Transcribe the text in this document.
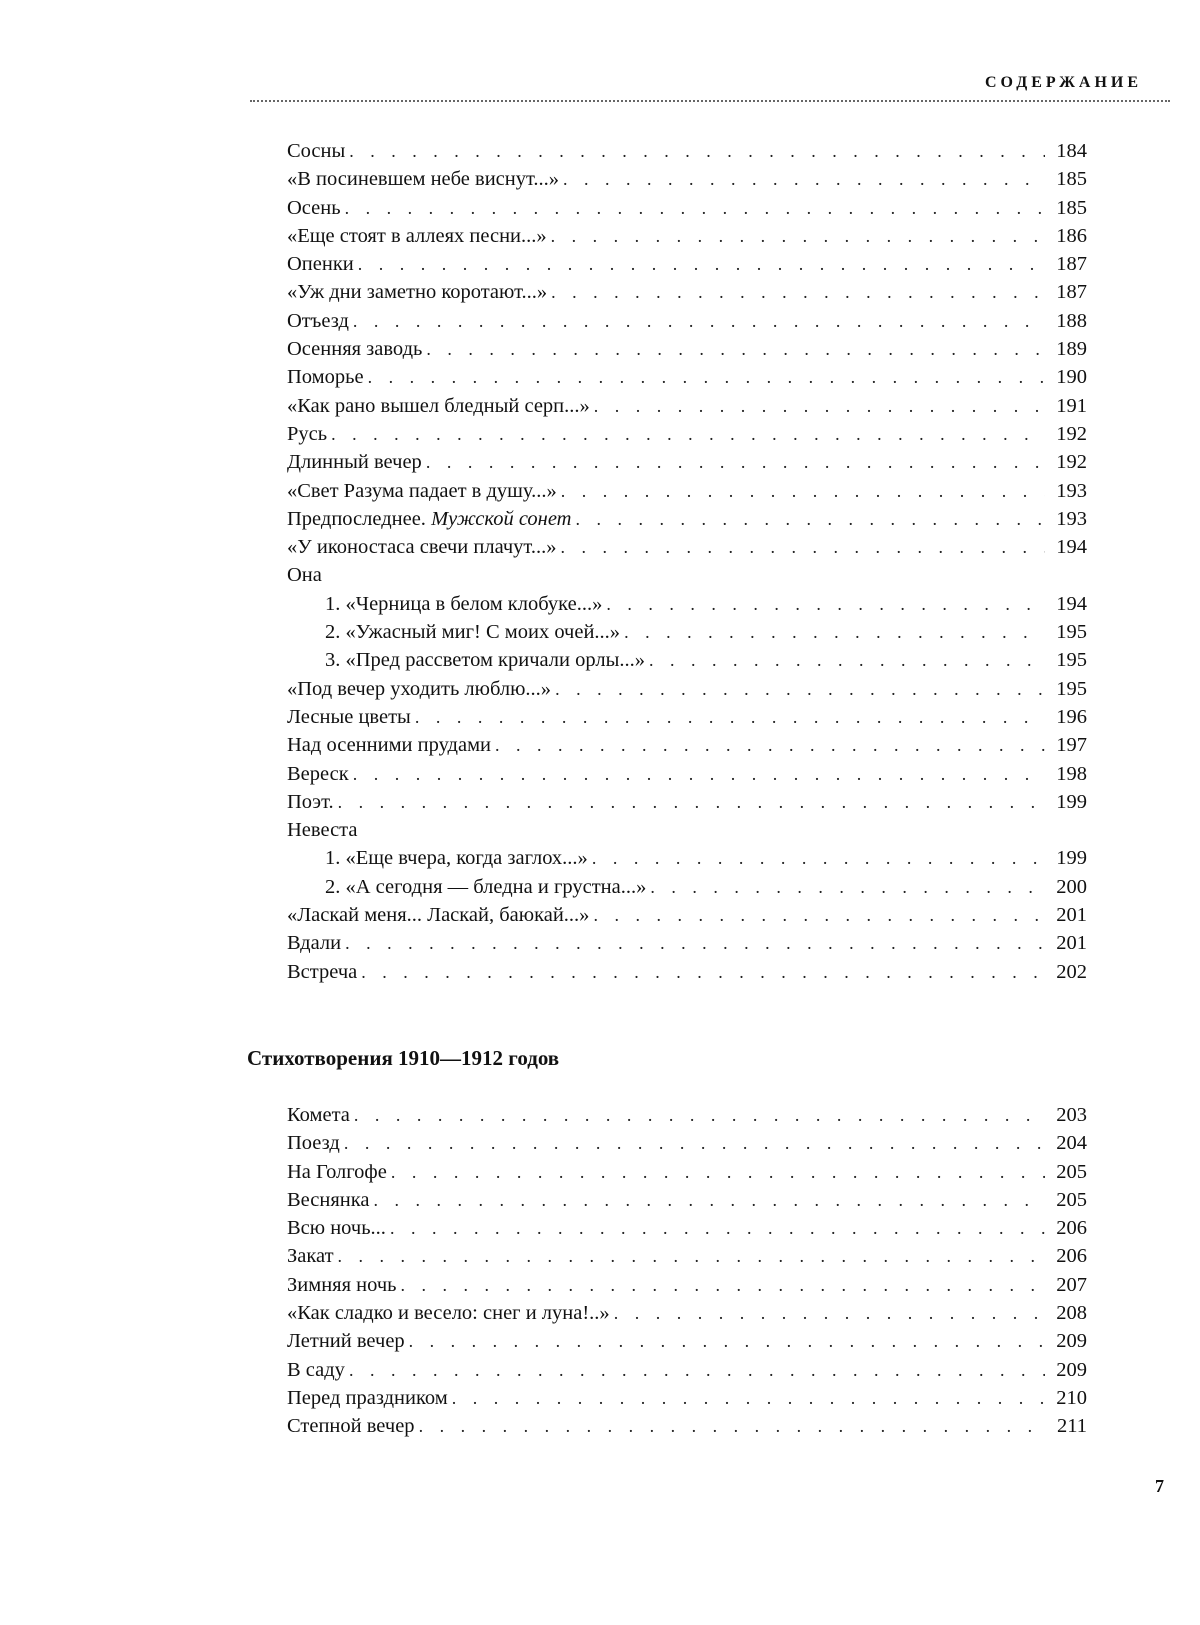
СОДЕРЖАНИЕ
Сосны . . .	184
«В посиневшем небе виснут...» . . .	185
Осень . . .	185
«Еще стоят в аллеях песни...» . . .	186
Опенки . . .	187
«Уж дни заметно коротают...» . . .	187
Отъезд . . .	188
Осенняя заводь . . .	189
Поморье . . .	190
«Как рано вышел бледный серп...» . . .	191
Русь . . .	192
Длинный вечер . . .	192
«Свет Разума падает в душу...» . . .	193
Предпоследнее. Мужской сонет . . .	193
«У иконостаса свечи плачут...» . . .	194
Она
1. «Черница в белом клобуке...» . . .	194
2. «Ужасный миг! С моих очей...» . . .	195
3. «Пред рассветом кричали орлы...» . . .	195
«Под вечер уходить люблю...» . . .	195
Лесные цветы . . .	196
Над осенними прудами . . .	197
Вереск . . .	198
Поэт. . . .	199
Невеста
1. «Еще вчера, когда заглох...» . . .	199
2. «А сегодня — бледна и грустна...» . . .	200
«Ласкай меня... Ласкай, баюкай...» . . .	201
Вдали . . .	201
Встреча . . .	202
Стихотворения 1910—1912 годов
Комета . . .	203
Поезд . . .	204
На Голгофе . . .	205
Веснянка . . .	205
Всю ночь... . . .	206
Закат . . .	206
Зимняя ночь . . .	207
«Как сладко и весело: снег и луна!..» . . .	208
Летний вечер . . .	209
В саду . . .	209
Перед праздником . . .	210
Степной вечер . . .	211
7
